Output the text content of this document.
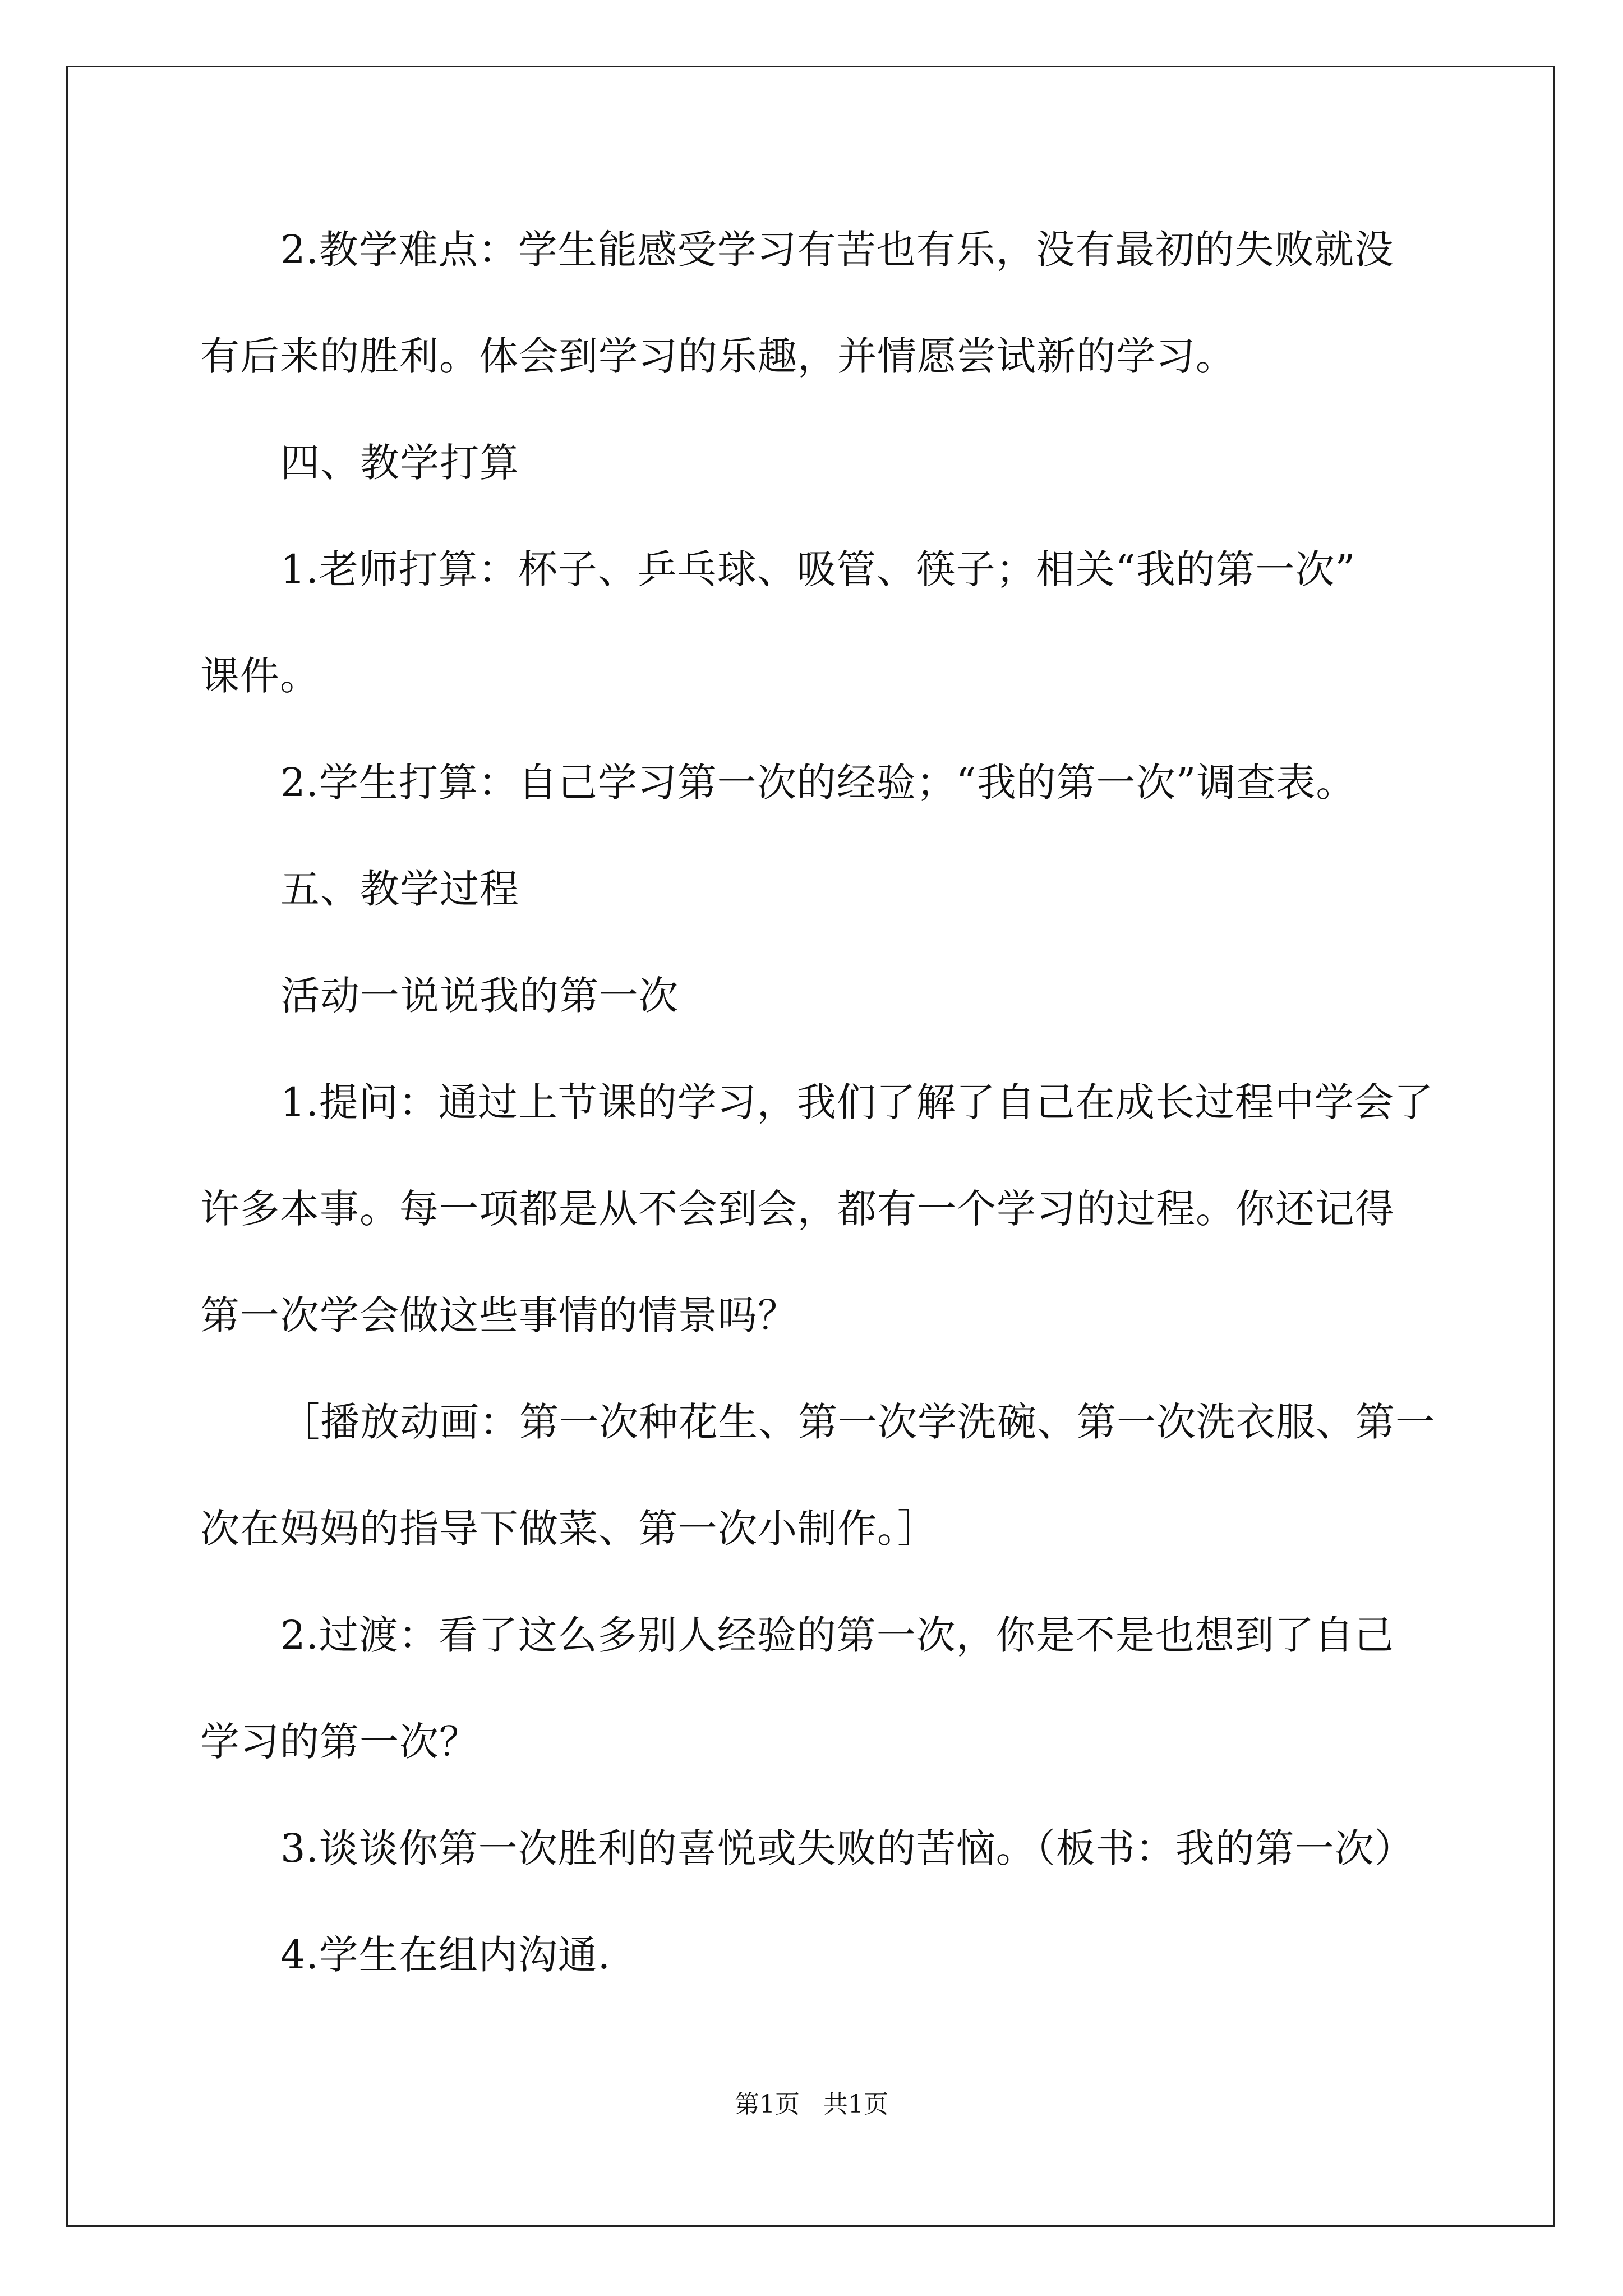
2.教学难点：学生能感受学习有苦也有乐，没有最初的失败就没
有后来的胜利。体会到学习的乐趣，并情愿尝试新的学习。
四、教学打算
1.老师打算：杯子、乒乓球、吸管、筷子；相关“我的第一次”
课件。
2.学生打算：自己学习第一次的经验；“我的第一次”调查表。
五、教学过程
活动一说说我的第一次
1.提问：通过上节课的学习，我们了解了自己在成长过程中学会了
许多本事。每一项都是从不会到会，都有一个学习的过程。你还记得
第一次学会做这些事情的情景吗？
［播放动画：第一次种花生、第一次学洗碗、第一次洗衣服、第一
次在妈妈的指导下做菜、第一次小制作。］
2.过渡：看了这么多别人经验的第一次，你是不是也想到了自己
学习的第一次？
3.谈谈你第一次胜利的喜悦或失败的苦恼。（板书：我的第一次）
4.学生在组内沟通.
第1页   共1页
